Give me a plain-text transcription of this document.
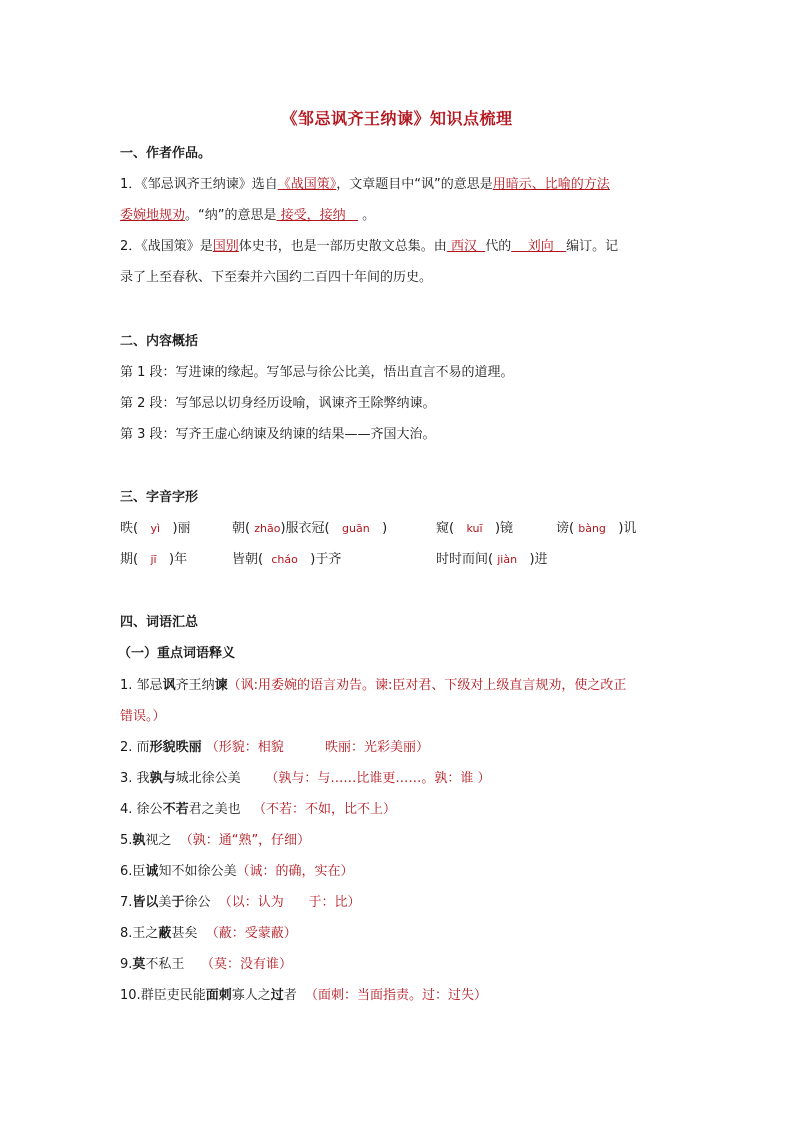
《邹忌讽齐王纳谏》知识点梳理
一、作者作品。
1．《邹忌讽齐王纳谏》选自《战国策》，文章题目中“讽”的意思是用暗示、比喻的方法
委婉地规劝。“纳”的意思是 接受，接纳    。
2．《战国策》是国别体史书，也是一部历史散文总集。由 西汉  代的    刘向   编订。记
录了上至春秋、下至秦并六国约二百四十年间的历史。
二、内容概括
第 1 段：写进谏的缘起。写邹忌与徐公比美，悟出直言不易的道理。
第 2 段：写邹忌以切身经历设喻，讽谏齐王除弊纳谏。
第 3 段：写齐王虚心纳谏及纳谏的结果——齐国大治。
三、字音字形
昳( yì )丽	朝( zhāo)服衣冠( guān )	窥( kuī )镜	谤( bàng )讥
期( jī )年	皆朝( cháo )于齐	时时而间( jiàn )进
四、词语汇总
（一）重点词语释义
1. 邹忌讽齐王纳谏（讽:用委婉的语言劝告。谏:臣对君、下级对上级直言规劝，使之改正
错误。）
2. 而形貌昳丽 （形貌：相貌          昳丽：光彩美丽）
3. 我孰与城北徐公美 （孰与：与……比谁更……。孰：谁 ）
4. 徐公不若君之美也 （不若：不如，比不上）
5.孰视之 （孰：通“熟”，仔细）
6.臣诚知不如徐公美（诚：的确，实在）
7.皆以美于徐公 （以：认为      于：比）
8.王之蔽甚矣 （蔽：受蒙蔽）
9.莫不私王 （莫：没有谁）
10.群臣吏民能面刺寡人之过者 （面刺：当面指责。过：过失）
